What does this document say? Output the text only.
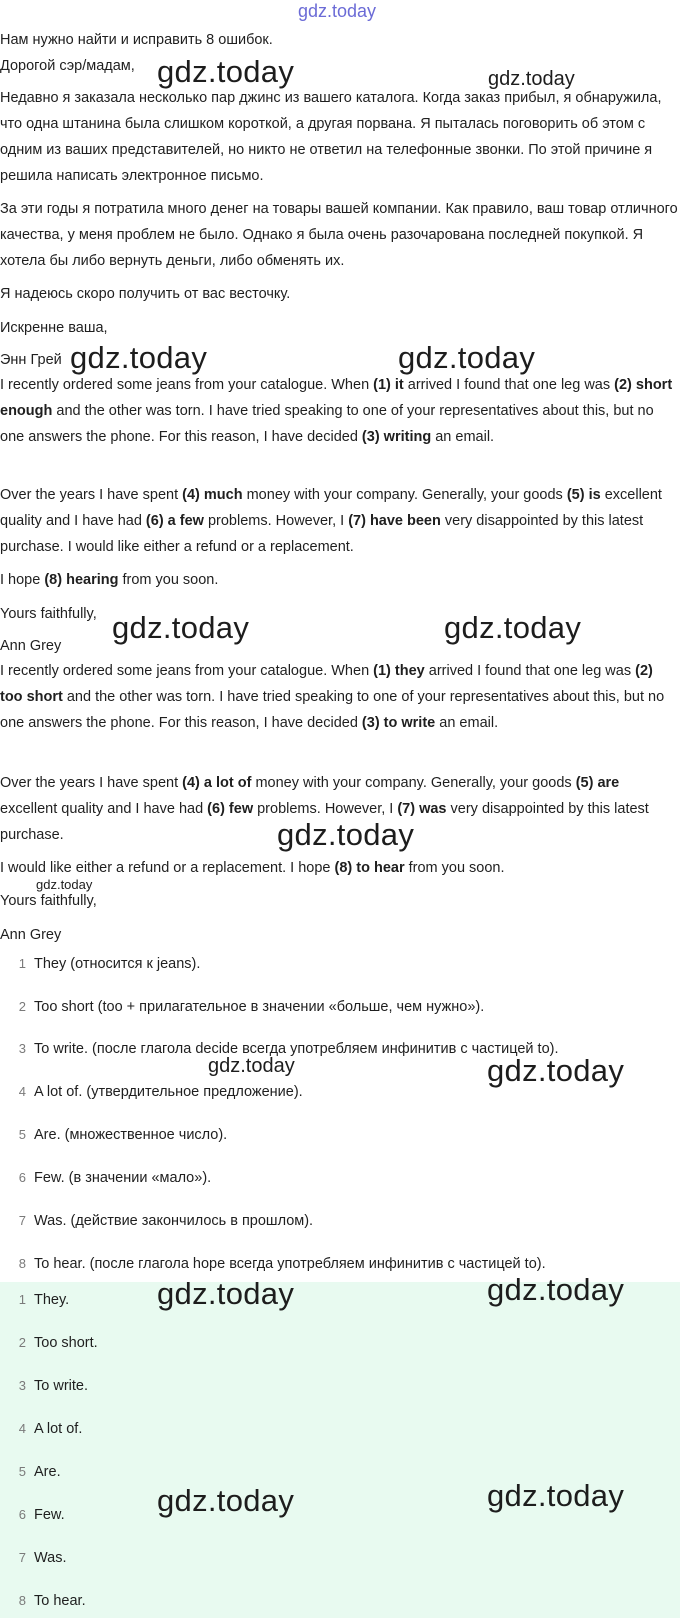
gdz.today
Нам нужно найти и исправить 8 ошибок.
Дорогой сэр/мадам,
Недавно я заказала несколько пар джинс из вашего каталога. Когда заказ прибыл, я обнаружила, что одна штанина была слишком короткой, а другая порвана. Я пыталась поговорить об этом с одним из ваших представителей, но никто не ответил на телефонные звонки. По этой причине я решила написать электронное письмо.
За эти годы я потратила много денег на товары вашей компании. Как правило, ваш товар отличного качества, у меня проблем не было. Однако я была очень разочарована последней покупкой. Я хотела бы либо вернуть деньги, либо обменять их.
Я надеюсь скоро получить от вас весточку.
Искренне ваша,
Энн Грей
I recently ordered some jeans from your catalogue. When (1) it arrived I found that one leg was (2) short enough and the other was torn. I have tried speaking to one of your representatives about this, but no one answers the phone. For this reason, I have decided (3) writing an email.
Over the years I have spent (4) much money with your company. Generally, your goods (5) is excellent quality and I have had (6) a few problems. However, I (7) have been very disappointed by this latest purchase. I would like either a refund or a replacement.
I hope (8) hearing from you soon.
Yours faithfully,
Ann Grey
I recently ordered some jeans from your catalogue. When (1) they arrived I found that one leg was (2) too short and the other was torn. I have tried speaking to one of your representatives about this, but no one answers the phone. For this reason, I have decided (3) to write an email.
Over the years I have spent (4) a lot of money with your company. Generally, your goods (5) are excellent quality and I have had (6) few problems. However, I (7) was very disappointed by this latest purchase.
I would like either a refund or a replacement. I hope (8) to hear from you soon.
Yours faithfully,
Ann Grey
1 They (относится к jeans).
2 Too short (too + прилагательное в значении «больше, чем нужно»).
3 To write. (после глагола decide всегда употребляем инфинитив с частицей to).
4 A lot of. (утвердительное предложение).
5 Are. (множественное число).
6 Few. (в значении «мало»).
7 Was. (действие закончилось в прошлом).
8 To hear. (после глагола hope всегда употребляем инфинитив с частицей to).
1 They.
2 Too short.
3 To write.
4 A lot of.
5 Are.
6 Few.
7 Was.
8 To hear.
gdz.today	gdz.today
gdz.today	gdz.today
gdz.today	gdz.today
gdz.today
gdz.today
gdz.today	gdz.today
gdz.today	gdz.today
gdz.today	gdz.today
